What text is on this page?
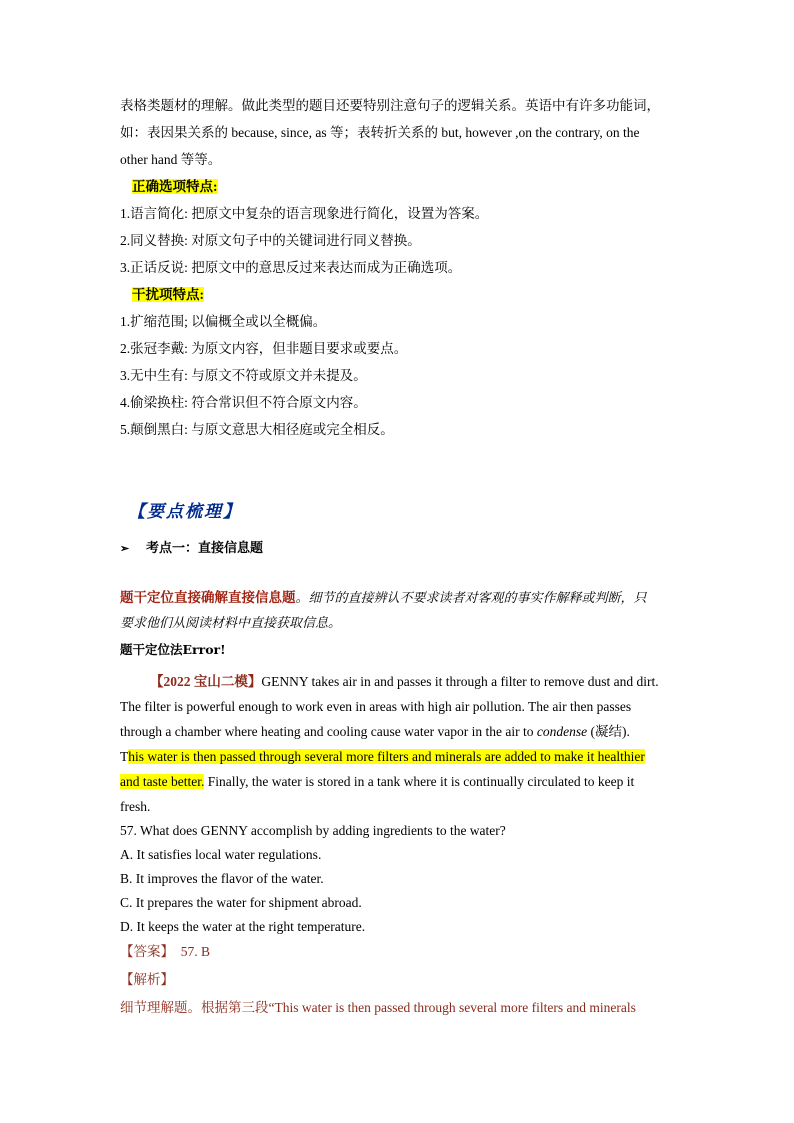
表格类题材的理解。做此类型的题目还要特别注意句子的逻辑关系。英语中有许多功能词，
如：表因果关系的 because, since, as 等；表转折关系的 but, however ,on the contrary, on the
other hand 等等。
正确选项特点:
1.语言简化: 把原文中复杂的语言现象进行简化，设置为答案。
2.同义替换: 对原文句子中的关键词进行同义替换。
3.正话反说: 把原文中的意思反过来表达而成为正确选项。
干扰项特点:
1.扩缩范围; 以偏概全或以全概偏。
2.张冠李戴: 为原文内容，但非题目要求或要点。
3.无中生有: 与原文不符或原文并未提及。
4.偷梁换柱: 符合常识但不符合原文内容。
5.颠倒黑白: 与原文意思大相径庭或完全相反。
【要点梳理】
➢ 考点一：直接信息题
题干定位直接确解直接信息题。细节的直接辨认不要求读者对客观的事实作解释或判断，只
要求他们从阅读材料中直接获取信息。
题干定位法Error!
【2022 宝山二模】GENNY takes air in and passes it through a filter to remove dust and dirt.
The filter is powerful enough to work even in areas with high air pollution. The air then passes
through a chamber where heating and cooling cause water vapor in the air to condense (凝结).
This water is then passed through several more filters and minerals are added to make it healthier
and taste better. Finally, the water is stored in a tank where it is continually circulated to keep it
fresh.
57. What does GENNY accomplish by adding ingredients to the water?
A. It satisfies local water regulations.
B. It improves the flavor of the water.
C. It prepares the water for shipment abroad.
D. It keeps the water at the right temperature.
【答案】 57. B
【解析】
细节理解题。根据第三段“This water is then passed through several more filters and minerals
